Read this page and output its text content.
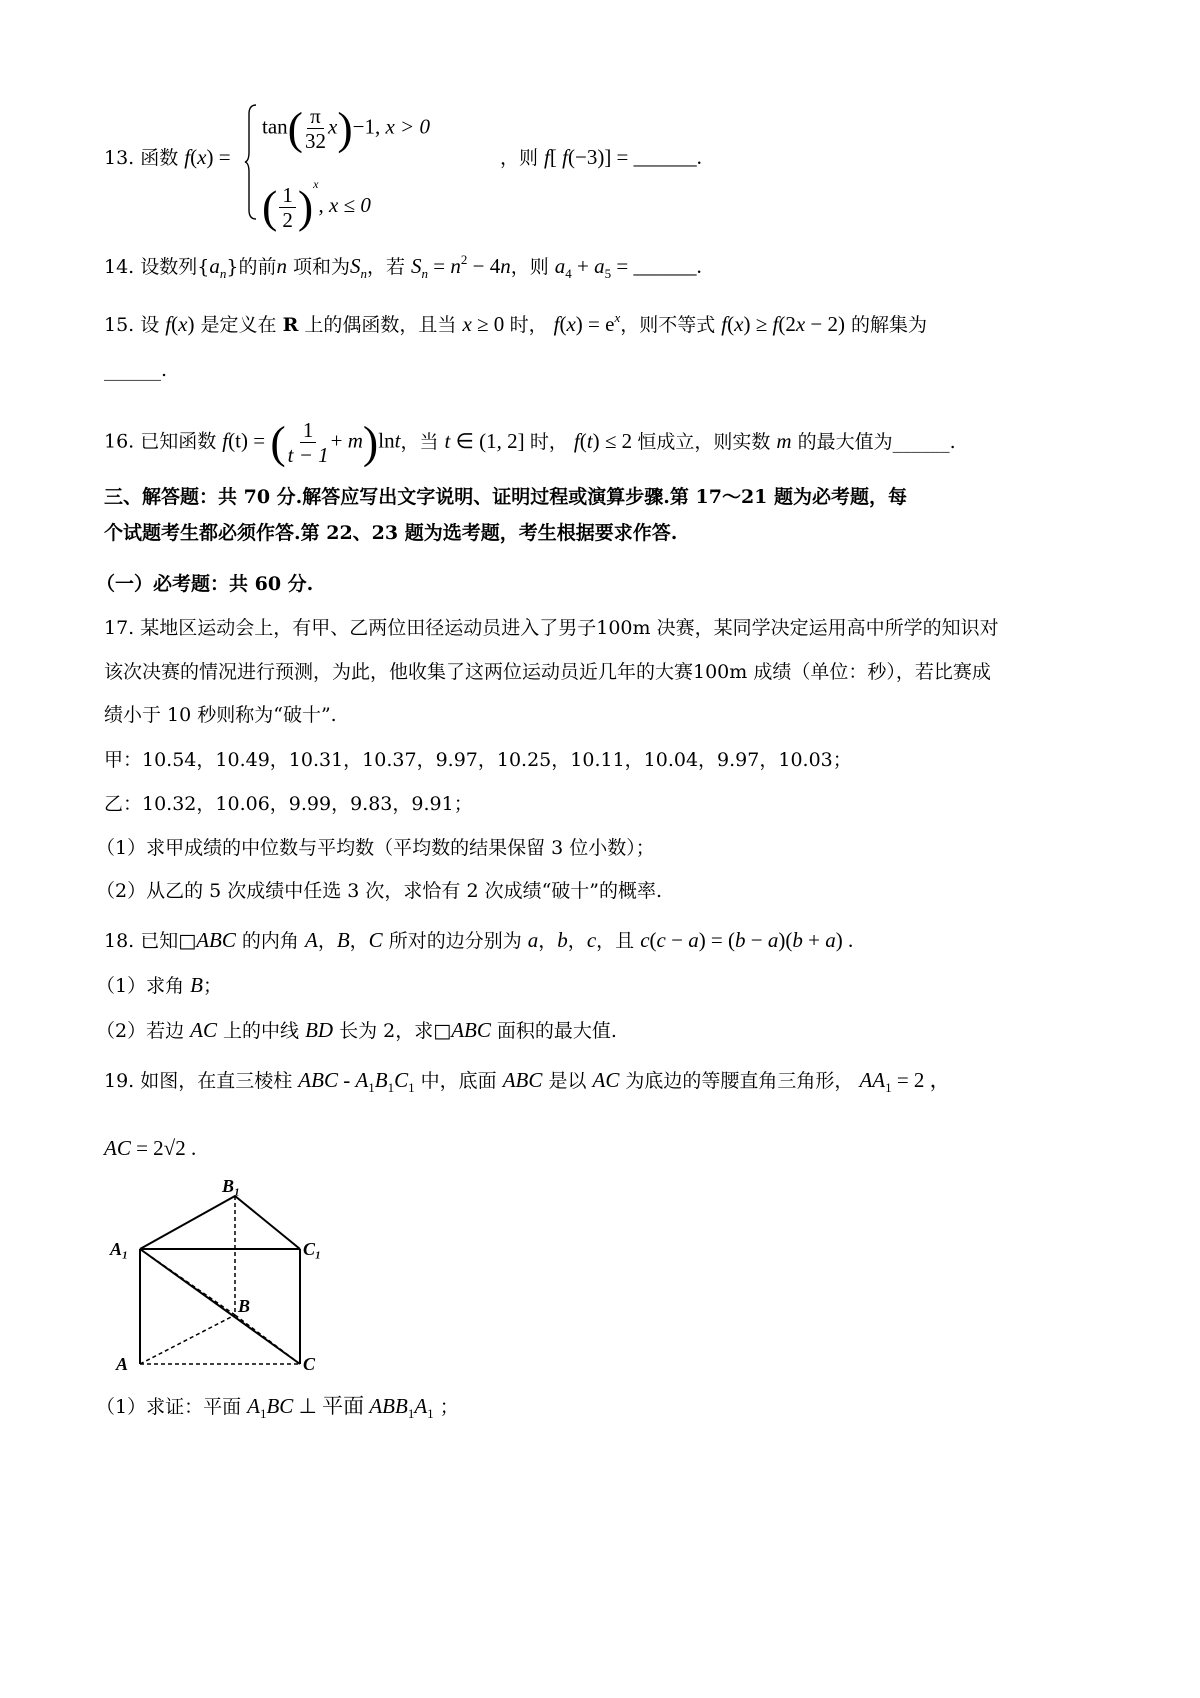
13. 函数 f(x) =
$\tan( \frac{\pi}{32} x)-1$, x > 0
( $\frac{1}{2} )^x$, x ≤ 0
，则 f[ f(−3)] = ______.
14. 设数列$\{a_n\}$的前n 项和为$S_n$，若 $S_n = n^2 - 4n$，则 $a_4 + a_5$ = ______.
15. 设 f(x) 是定义在 R 上的偶函数，且当 x ≥ 0 时， $f(x) = e^x$，则不等式 f(x) ≥ f(2x − 2) 的解集为
______.
16. 已知函数 f(t) = ( $\frac{1}{t - 1} + m)\ln t$，当 t ∈ (1, 2] 时， f(t) ≤ 2 恒成立，则实数 m 的最大值为______.
三、解答题：共 70 分.解答应写出文字说明、证明过程或演算步骤.第 17～21 题为必考题，每
个试题考生都必须作答.第 22、23 题为选考题，考生根据要求作答.
（一）必考题：共 60 分.
17. 某地区运动会上，有甲、乙两位田径运动员进入了男子100m 决赛，某同学决定运用高中所学的知识对
该次决赛的情况进行预测，为此，他收集了这两位运动员近几年的大赛100m 成绩（单位：秒），若比赛成
绩小于 10 秒则称为“破十”.
甲：10.54，10.49，10.31，10.37，9.97，10.25，10.11，10.04，9.97，10.03；
乙：10.32，10.06，9.99，9.83，9.91；
（1）求甲成绩的中位数与平均数（平均数的结果保留 3 位小数）；
（2）从乙的 5 次成绩中任选 3 次，求恰有 2 次成绩“破十”的概率.
18. 已知□ABC 的内角 A，B，C 所对的边分别为 a，b，c，且 c(c − a) = (b − a)(b + a) .
（1）求角 B；
（2）若边 AC 上的中线 BD 长为 2，求□ABC 面积的最大值.
19. 如图，在直三棱柱 ABC - $A_1B_1C_1$ 中，底面 ABC 是以 AC 为底边的等腰直角三角形， $AA_1 = 2$ ，
AC = 2√2 .
B₁
A₁	C₁
A
B
C
（1）求证：平面 $A_1BC$ ⊥ 平面 $ABB_1A_1$ ；
